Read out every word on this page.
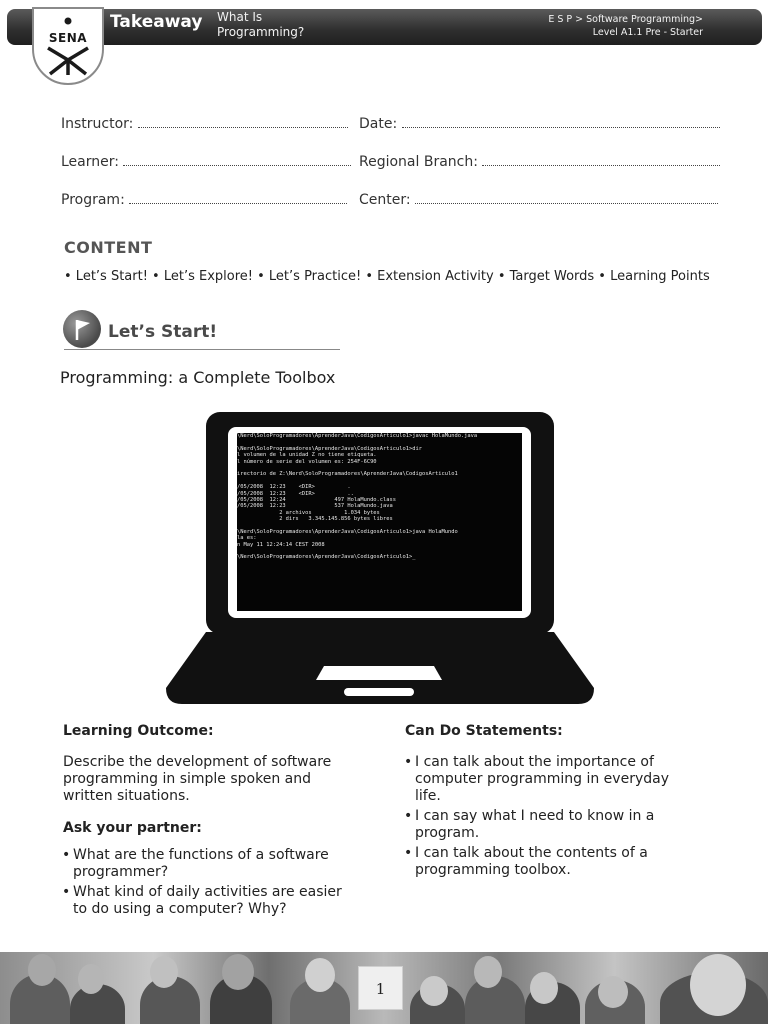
SENA
Takeaway What Is Programming?
E S P > Software Programming>
Level A1.1 Pre - Starter
Instructor:	Date:
Learner:	Regional Branch:
Program:	Center:
CONTENT
• Let’s Start! • Let’s Explore! • Let’s Practice! • Extension Activity • Target Words • Learning Points
Let’s Start!
Programming: a Complete Toolbox
\Nerd\SoloProgramadores\AprenderJava\CodigosArticulo1>javac HolaMundo.java
\Nerd\SoloProgramadores\AprenderJava\CodigosArticulo1>dir
l volumen de la unidad Z no tiene etiqueta.
l número de serie del volumen es: 254F-6C90
irectorio de Z:\Nerd\SoloProgramadores\AprenderJava\CodigosArticulo1
/05/2008  12:23    <DIR>          .
/05/2008  12:23    <DIR>          ..
/05/2008  12:24               497 HolaMundo.class
/05/2008  12:23               537 HolaMundo.java
2 archivos          1.034 bytes
2 dirs   3.345.145.856 bytes libres
\Nerd\SoloProgramadores\AprenderJava\CodigosArticulo1>java HolaMundo
la es:
n May 11 12:24:14 CEST 2008
\Nerd\SoloProgramadores\AprenderJava\CodigosArticulo1>_
Learning Outcome:
Describe the development of software programming in simple spoken and written situations.
Ask your partner:
• What are the functions of a software programmer?
• What kind of daily activities are easier to do using a computer? Why?
Can Do Statements:
• I can talk about the importance of computer programming in everyday life.
• I can say what I need to know in a program.
• I can talk about the contents of a programming toolbox.
1
